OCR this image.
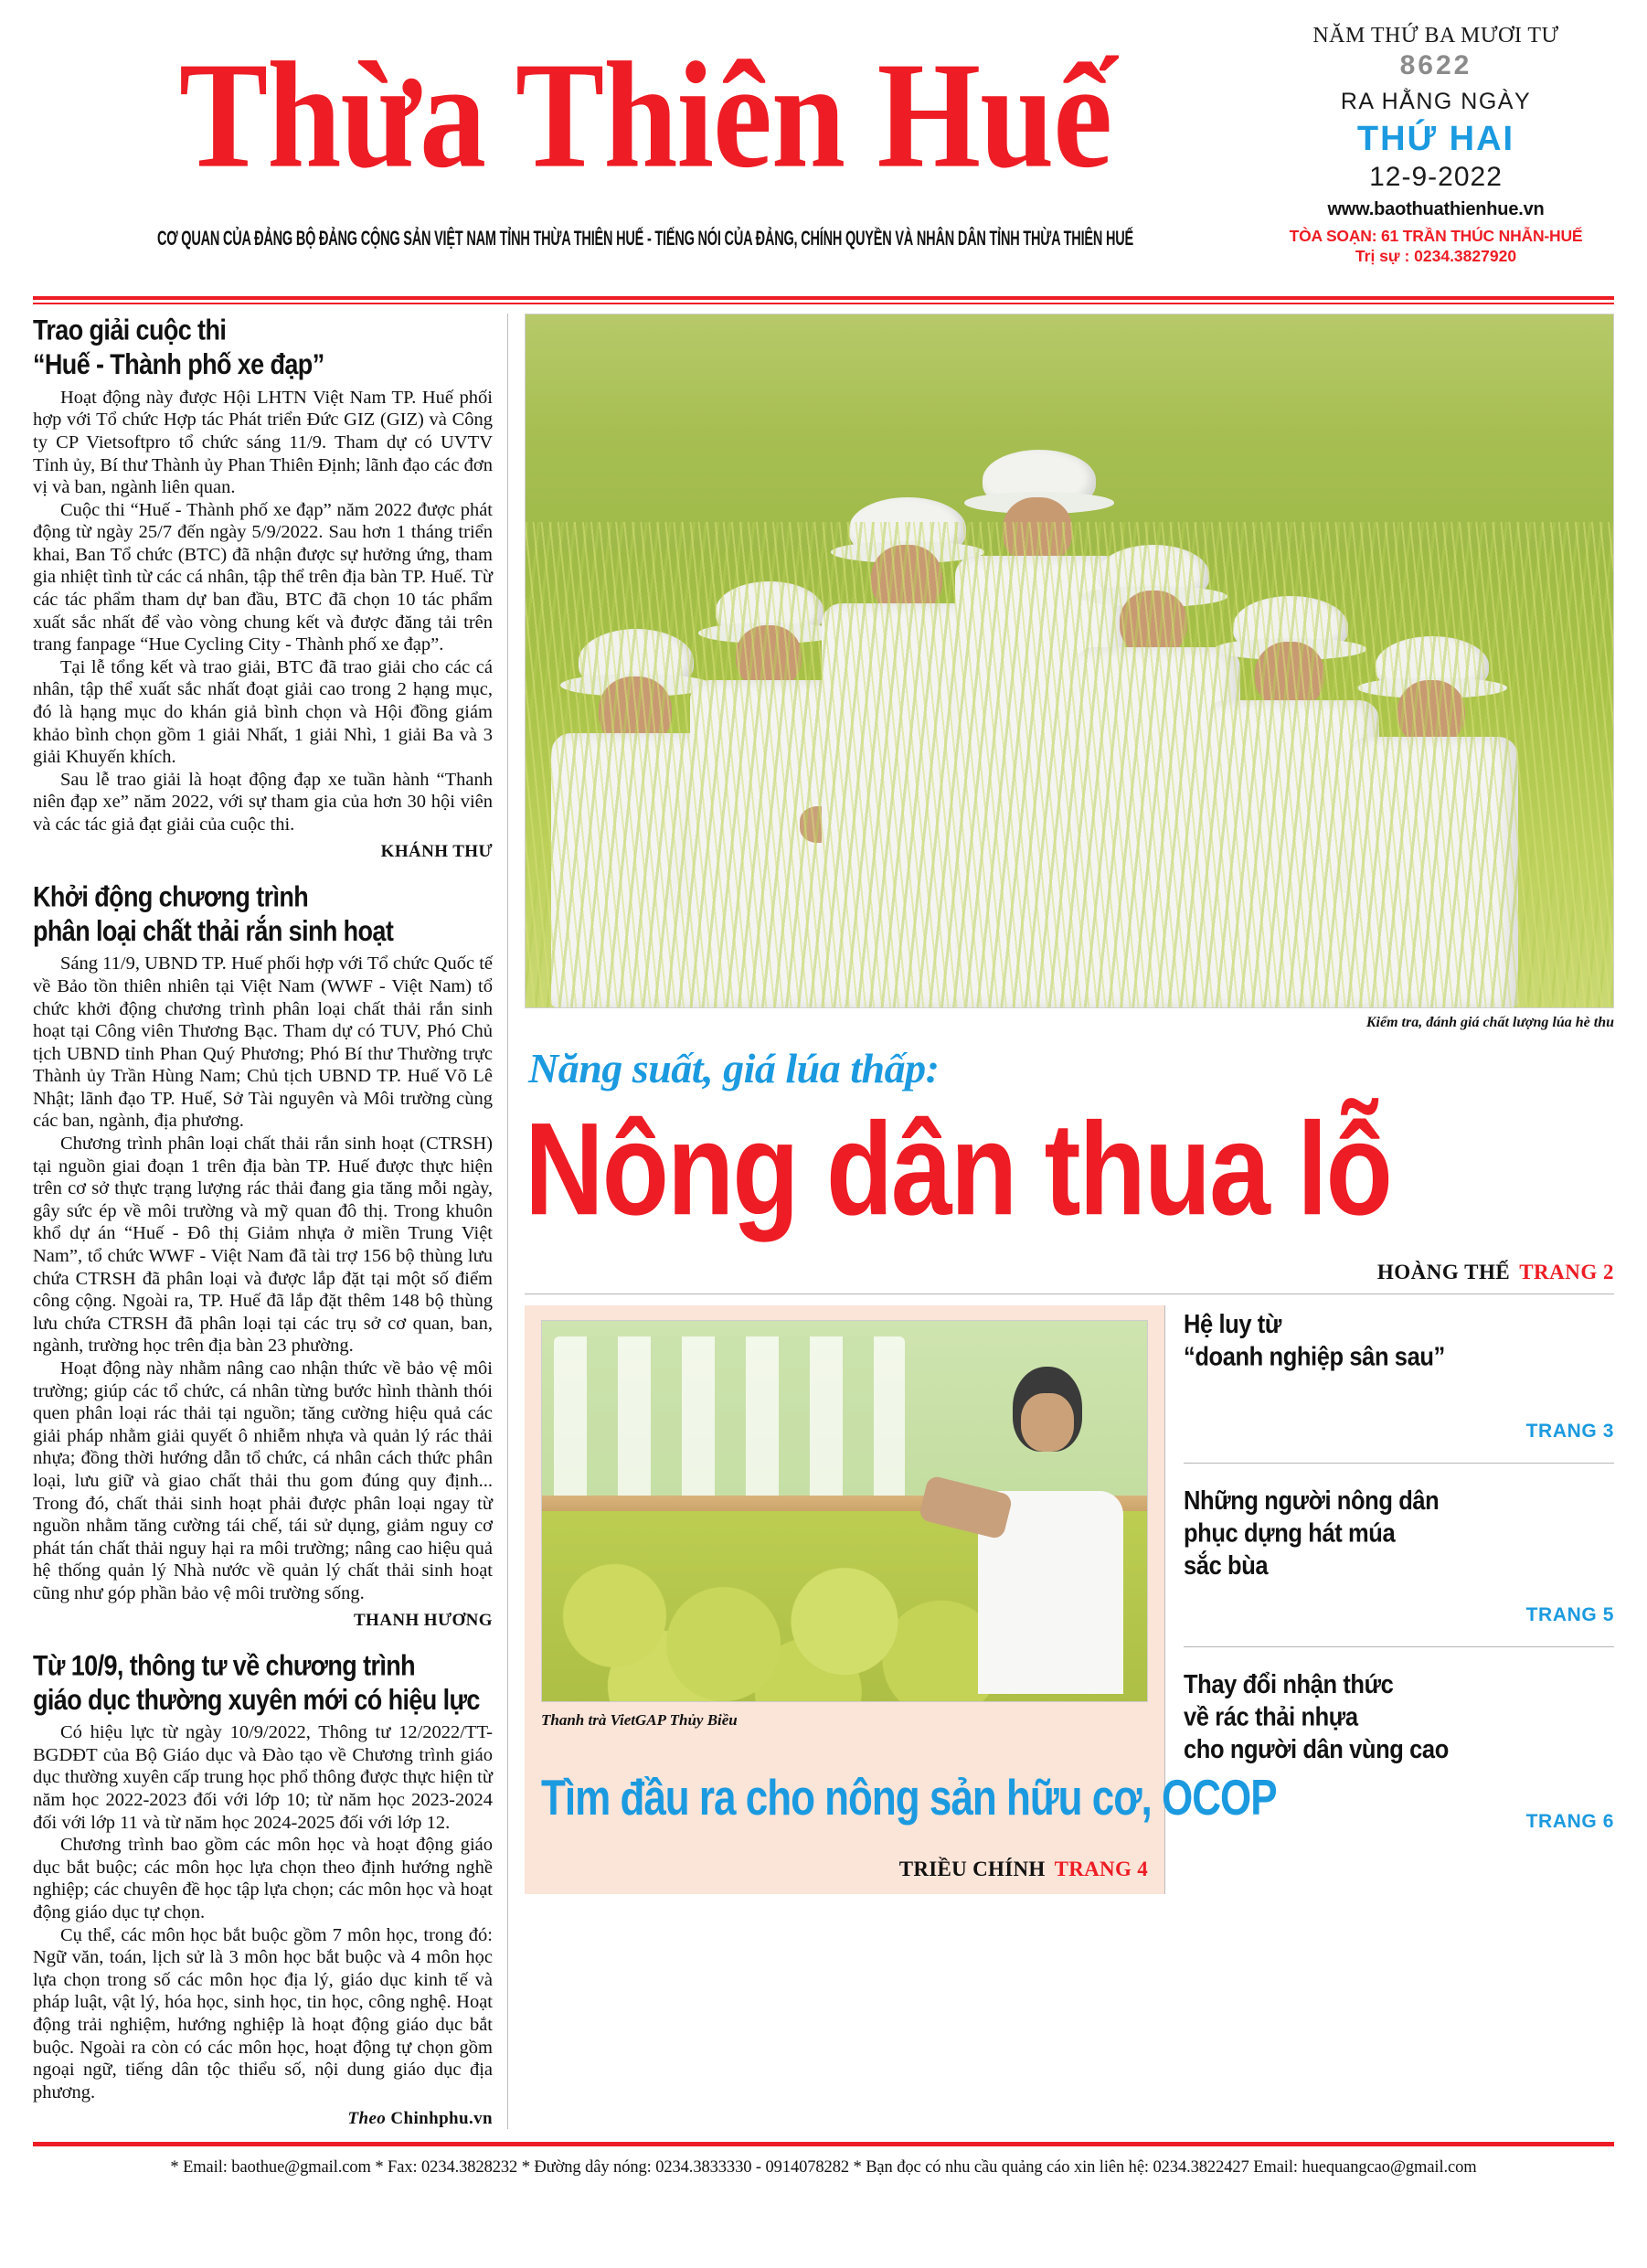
Thừa Thiên Huế
CƠ QUAN CỦA ĐẢNG BỘ ĐẢNG CỘNG SẢN VIỆT NAM TỈNH THỪA THIÊN HUẾ - TIẾNG NÓI CỦA ĐẢNG, CHÍNH QUYỀN VÀ NHÂN DÂN TỈNH THỪA THIÊN HUẾ
NĂM THỨ BA MƯƠI TƯ
8622
RA HẰNG NGÀY
THỨ HAI
12-9-2022
www.baothuathienhue.vn
TÒA SOẠN: 61 TRẦN THÚC NHẪN-HUẾ
Trị sự : 0234.3827920
Trao giải cuộc thi
“Huế - Thành phố xe đạp”

Hoạt động này được Hội LHTN Việt Nam TP. Huế phối hợp với Tổ chức Hợp tác Phát triển Đức GIZ (GIZ) và Công ty CP Vietsoftpro tổ chức sáng 11/9. Tham dự có UVTV Tỉnh ủy, Bí thư Thành ủy Phan Thiên Định; lãnh đạo các đơn vị và ban, ngành liên quan.

Cuộc thi “Huế - Thành phố xe đạp” năm 2022 được phát động từ ngày 25/7 đến ngày 5/9/2022. Sau hơn 1 tháng triển khai, Ban Tổ chức (BTC) đã nhận được sự hưởng ứng, tham gia nhiệt tình từ các cá nhân, tập thể trên địa bàn TP. Huế. Từ các tác phẩm tham dự ban đầu, BTC đã chọn 10 tác phẩm xuất sắc nhất để vào vòng chung kết và được đăng tải trên trang fanpage “Hue Cycling City - Thành phố xe đạp”.

Tại lễ tổng kết và trao giải, BTC đã trao giải cho các cá nhân, tập thể xuất sắc nhất đoạt giải cao trong 2 hạng mục, đó là hạng mục do khán giả bình chọn và Hội đồng giám khảo bình chọn gồm 1 giải Nhất, 1 giải Nhì, 1 giải Ba và 3 giải Khuyến khích.

Sau lễ trao giải là hoạt động đạp xe tuần hành “Thanh niên đạp xe” năm 2022, với sự tham gia của hơn 30 hội viên và các tác giả đạt giải của cuộc thi.

KHÁNH THƯ
Khởi động chương trình
phân loại chất thải rắn sinh hoạt

Sáng 11/9, UBND TP. Huế phối hợp với Tổ chức Quốc tế về Bảo tồn thiên nhiên tại Việt Nam (WWF - Việt Nam) tổ chức khởi động chương trình phân loại chất thải rắn sinh hoạt tại Công viên Thương Bạc. Tham dự có TUV, Phó Chủ tịch UBND tỉnh Phan Quý Phương; Phó Bí thư Thường trực Thành ủy Trần Hùng Nam; Chủ tịch UBND TP. Huế Võ Lê Nhật; lãnh đạo TP. Huế, Sở Tài nguyên và Môi trường cùng các ban, ngành, địa phương.

Chương trình phân loại chất thải rắn sinh hoạt (CTRSH) tại nguồn giai đoạn 1 trên địa bàn TP. Huế được thực hiện trên cơ sở thực trạng lượng rác thải đang gia tăng mỗi ngày, gây sức ép về môi trường và mỹ quan đô thị. Trong khuôn khổ dự án “Huế - Đô thị Giảm nhựa ở miền Trung Việt Nam”, tổ chức WWF - Việt Nam đã tài trợ 156 bộ thùng lưu chứa CTRSH đã phân loại và được lắp đặt tại một số điểm công cộng. Ngoài ra, TP. Huế đã lắp đặt thêm 148 bộ thùng lưu chứa CTRSH đã phân loại tại các trụ sở cơ quan, ban, ngành, trường học trên địa bàn 23 phường.

Hoạt động này nhằm nâng cao nhận thức về bảo vệ môi trường; giúp các tổ chức, cá nhân từng bước hình thành thói quen phân loại rác thải tại nguồn; tăng cường hiệu quả các giải pháp nhằm giải quyết ô nhiễm nhựa và quản lý rác thải nhựa; đồng thời hướng dẫn tổ chức, cá nhân cách thức phân loại, lưu giữ và giao chất thải thu gom đúng quy định... Trong đó, chất thải sinh hoạt phải được phân loại ngay từ nguồn nhằm tăng cường tái chế, tái sử dụng, giảm nguy cơ phát tán chất thải nguy hại ra môi trường; nâng cao hiệu quả hệ thống quản lý Nhà nước về quản lý chất thải sinh hoạt cũng như góp phần bảo vệ môi trường sống.

THANH HƯƠNG
Từ 10/9, thông tư về chương trình
giáo dục thường xuyên mới có hiệu lực

Có hiệu lực từ ngày 10/9/2022, Thông tư 12/2022/TT-BGDĐT của Bộ Giáo dục và Đào tạo về Chương trình giáo dục thường xuyên cấp trung học phổ thông được thực hiện từ năm học 2022-2023 đối với lớp 10; từ năm học 2023-2024 đối với lớp 11 và từ năm học 2024-2025 đối với lớp 12.

Chương trình bao gồm các môn học và hoạt động giáo dục bắt buộc; các môn học lựa chọn theo định hướng nghề nghiệp; các chuyên đề học tập lựa chọn; các môn học và hoạt động giáo dục tự chọn.

Cụ thể, các môn học bắt buộc gồm 7 môn học, trong đó: Ngữ văn, toán, lịch sử là 3 môn học bắt buộc và 4 môn học lựa chọn trong số các môn học địa lý, giáo dục kinh tế và pháp luật, vật lý, hóa học, sinh học, tin học, công nghệ. Hoạt động trải nghiệm, hướng nghiệp là hoạt động giáo dục bắt buộc. Ngoài ra còn có các môn học, hoạt động tự chọn gồm ngoại ngữ, tiếng dân tộc thiểu số, nội dung giáo dục địa phương.

Theo Chinhphu.vn
Kiểm tra, đánh giá chất lượng lúa hè thu
Năng suất, giá lúa thấp:
Nông dân thua lỗ
HOÀNG THẾ TRANG 2
Thanh trà VietGAP Thủy Biều
Tìm đầu ra cho nông sản hữu cơ, OCOP
TRIỀU CHÍNH TRANG 4
Hệ luy từ
“doanh nghiệp sân sau”
TRANG 3
Những người nông dân
phục dựng hát múa
sắc bùa
TRANG 5
Thay đổi nhận thức
về rác thải nhựa
cho người dân vùng cao
TRANG 6
* Email: baothue@gmail.com * Fax: 0234.3828232 * Đường dây nóng: 0234.3833330 - 0914078282 * Bạn đọc có nhu cầu quảng cáo xin liên hệ: 0234.3822427 Email: huequangcao@gmail.com
